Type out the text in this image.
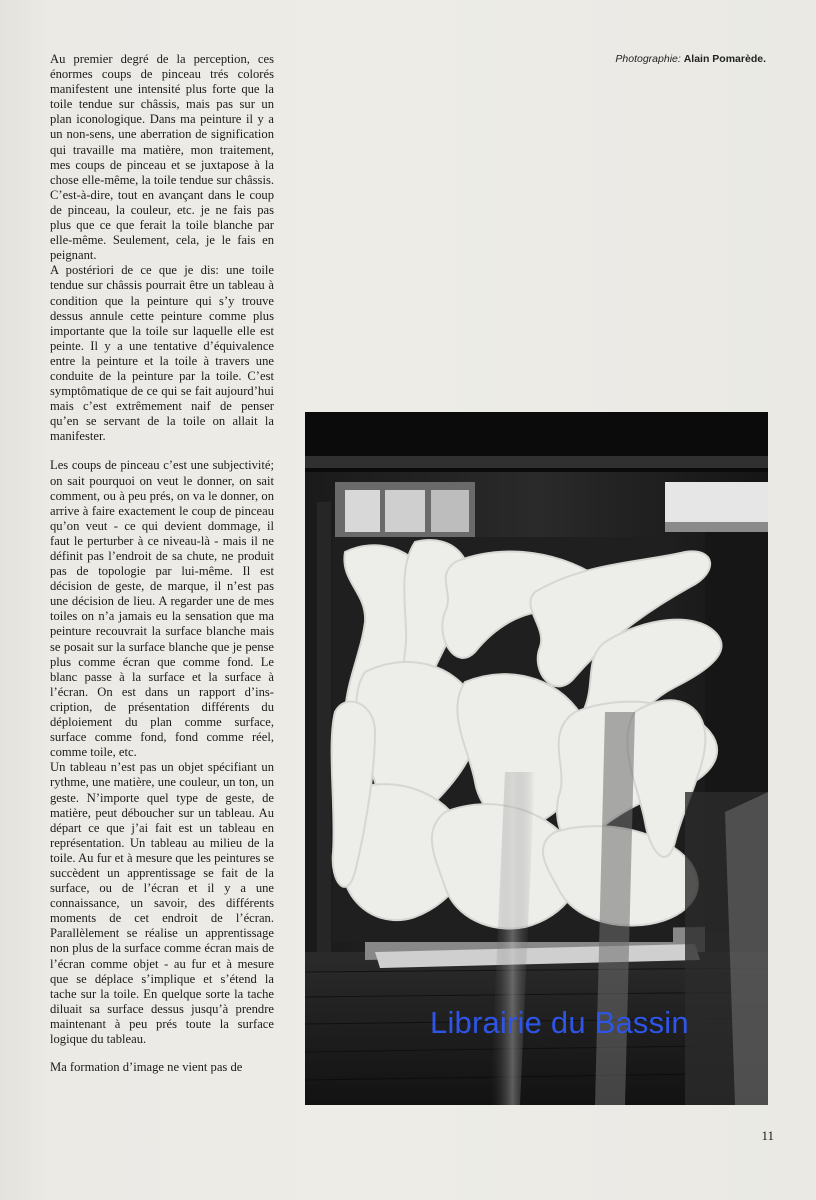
Au premier degré de la perception, ces énormes coups de pinceau trés colorés manifestent une intensité plus forte que la toile tendue sur châssis, mais pas sur un plan iconologique. Dans ma peinture il y a un non-sens, une aberration de signification qui travaille ma matière, mon traitement, mes coups de pinceau et se juxtapose à la chose elle-même, la toile tendue sur châssis. C’est-à-dire, tout en avançant dans le coup de pinceau, la couleur, etc. je ne fais pas plus que ce que ferait la toile blanche par elle-même. Seulement, cela, je le fais en peignant.

A postériori de ce que je dis: une toile tendue sur châssis pourrait être un tableau à condition que la peinture qui s’y trouve dessus annule cette peinture comme plus importante que la toile sur laquelle elle est peinte. Il y a une tentative d’équivalence entre la peinture et la toile à travers une conduite de la peinture par la toile. C’est symptômatique de ce qui se fait aujourd’hui mais c’est extrêmement naif de penser qu’en se servant de la toile on allait la manifester.

Les coups de pinceau c’est une subjectivité; on sait pourquoi on veut le donner, on sait comment, ou à peu prés, on va le donner, on arrive à faire exactement le coup de pinceau qu’on veut - ce qui devient dommage, il faut le perturber à ce niveau-là - mais il ne définit pas l’endroit de sa chute, ne produit pas de topologie par lui-même. Il est décision de geste, de marque, il n’est pas une décision de lieu. A regarder une de mes toiles on n’a jamais eu la sensation que ma peinture recouvrait la surface blanche mais se posait sur la surface blanche que je pense plus comme écran que comme fond. Le blanc passe à la surface et la surface à l’écran. On est dans un rapport d’inscription, de présentation différents du déploiement du plan comme surface, surface comme fond, fond comme réel, comme toile, etc.

Un tableau n’est pas un objet spécifiant un rythme, une matière, une couleur, un ton, un geste. N’importe quel type de geste, de matière, peut déboucher sur un tableau. Au départ ce que j’ai fait est un tableau en représentation. Un tableau au milieu de la toile. Au fur et à mesure que les peintures se succèdent un apprentissage se fait de la surface, ou de l’écran et il y a une connaissance, un savoir, des différents moments de cet endroit de l’écran. Parallèlement se réalise un apprentissage non plus de la surface comme écran mais de l’écran comme objet - au fur et à mesure que se déplace s’implique et s’étend la tache sur la toile. En quelque sorte la tache diluait sa surface dessus jusqu’à prendre maintenant à peu prés toute la surface logique du tableau.

Ma formation d’image ne vient pas de

Photographie: Alain Pomarède.
Librairie du Bassin
11
